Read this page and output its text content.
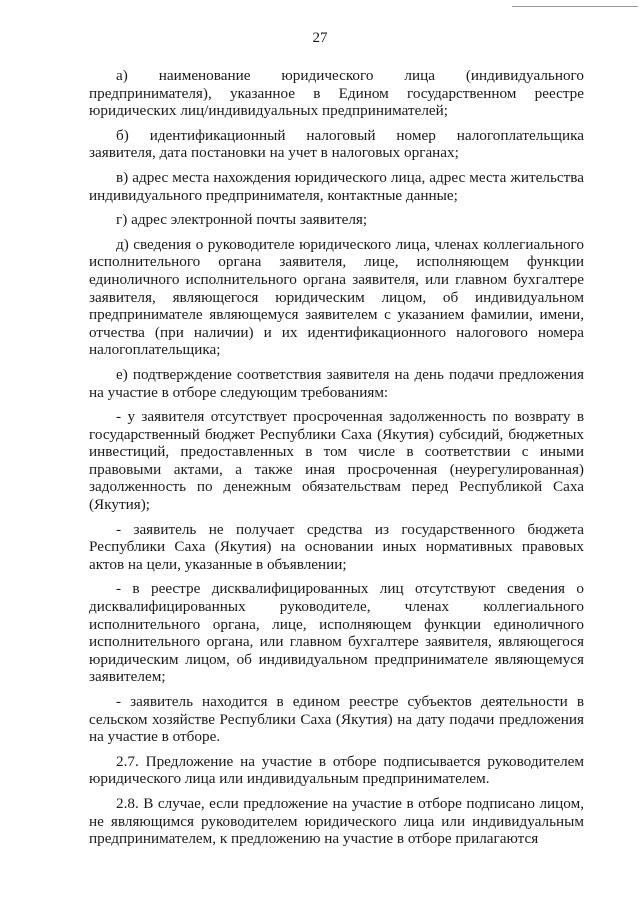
27

а) наименование юридического лица (индивидуального предпринимателя), указанное в Едином государственном реестре юридических лиц/индивидуальных предпринимателей;

б) идентификационный налоговый номер налогоплательщика заявителя, дата постановки на учет в налоговых органах;

в) адрес места нахождения юридического лица, адрес места жительства индивидуального предпринимателя, контактные данные;

г) адрес электронной почты заявителя;

д) сведения о руководителе юридического лица, членах коллегиального исполнительного органа заявителя, лице, исполняющем функции единоличного исполнительного органа заявителя, или главном бухгалтере заявителя, являющегося юридическим лицом, об индивидуальном предпринимателе являющемуся заявителем с указанием фамилии, имени, отчества (при наличии) и их идентификационного налогового номера налогоплательщика;

е) подтверждение соответствия заявителя на день подачи предложения на участие в отборе следующим требованиям:

- у заявителя отсутствует просроченная задолженность по возврату в государственный бюджет Республики Саха (Якутия) субсидий, бюджетных инвестиций, предоставленных в том числе в соответствии с иными правовыми актами, а также иная просроченная (неурегулированная) задолженность по денежным обязательствам перед Республикой Саха (Якутия);

- заявитель не получает средства из государственного бюджета Республики Саха (Якутия) на основании иных нормативных правовых актов на цели, указанные в объявлении;

- в реестре дисквалифицированных лиц отсутствуют сведения о дисквалифицированных руководителе, членах коллегиального исполнительного органа, лице, исполняющем функции единоличного исполнительного органа, или главном бухгалтере заявителя, являющегося юридическим лицом, об индивидуальном предпринимателе являющемуся заявителем;

- заявитель находится в едином реестре субъектов деятельности в сельском хозяйстве Республики Саха (Якутия) на дату подачи предложения на участие в отборе.

2.7. Предложение на участие в отборе подписывается руководителем юридического лица или индивидуальным предпринимателем.

2.8. В случае, если предложение на участие в отборе подписано лицом, не являющимся руководителем юридического лица или индивидуальным предпринимателем, к предложению на участие в отборе прилагаются
